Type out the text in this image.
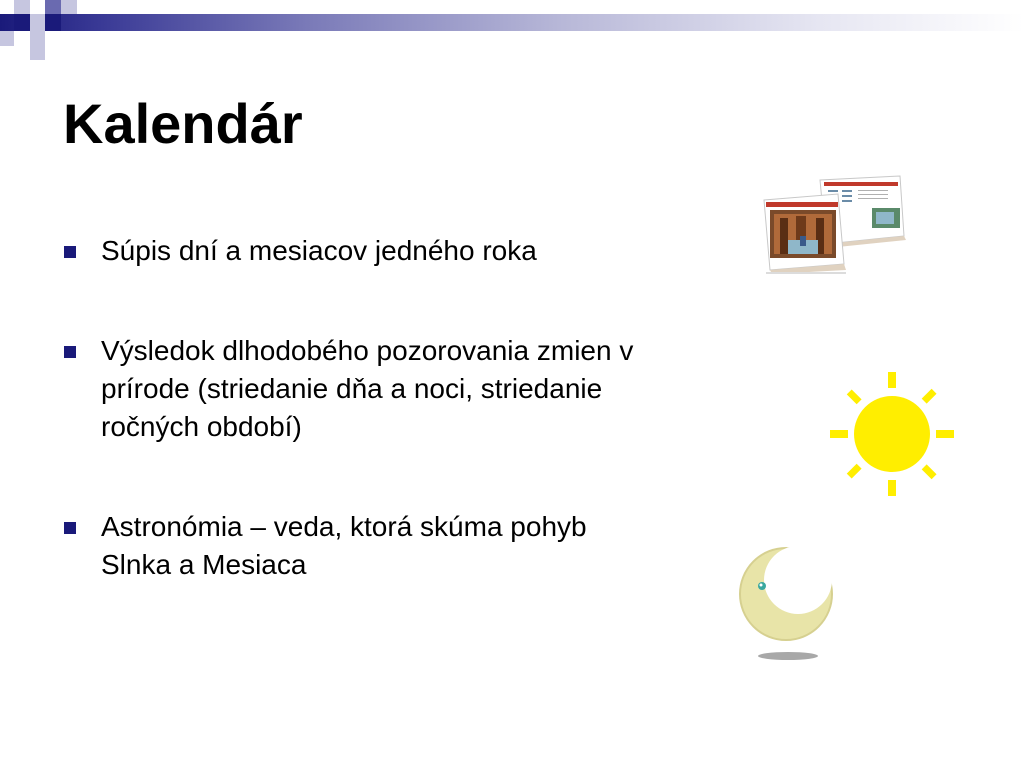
Kalendár
Súpis dní a mesiacov jedného roka
Výsledok dlhodobého pozorovania zmien v prírode (striedanie dňa a noci, striedanie ročných období)
Astronómia – veda, ktorá skúma pohyb Slnka a Mesiaca
